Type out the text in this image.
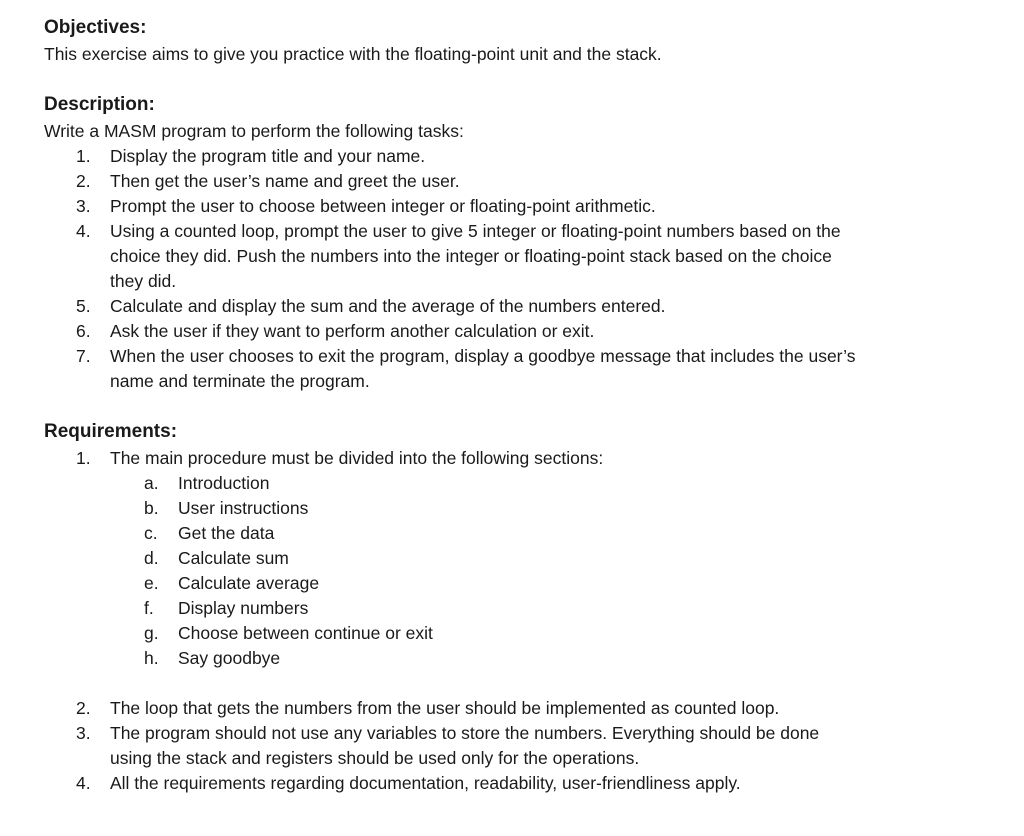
Objectives:
This exercise aims to give you practice with the floating-point unit and the stack.
Description:
Write a MASM program to perform the following tasks:
1.	Display the program title and your name.
2.	Then get the user’s name and greet the user.
3.	Prompt the user to choose between integer or floating-point arithmetic.
4.	Using a counted loop, prompt the user to give 5 integer or floating-point numbers based on the
choice they did. Push the numbers into the integer or floating-point stack based on the choice
they did.
5.	Calculate and display the sum and the average of the numbers entered.
6.	Ask the user if they want to perform another calculation or exit.
7.	When the user chooses to exit the program, display a goodbye message that includes the user’s
name and terminate the program.
Requirements:
1.	The main procedure must be divided into the following sections:
a.	Introduction
b.	User instructions
c.	Get the data
d.	Calculate sum
e.	Calculate average
f.	Display numbers
g.	Choose between continue or exit
h.	Say goodbye
2.	The loop that gets the numbers from the user should be implemented as counted loop.
3.	The program should not use any variables to store the numbers. Everything should be done
using the stack and registers should be used only for the operations.
4.	All the requirements regarding documentation, readability, user-friendliness apply.
